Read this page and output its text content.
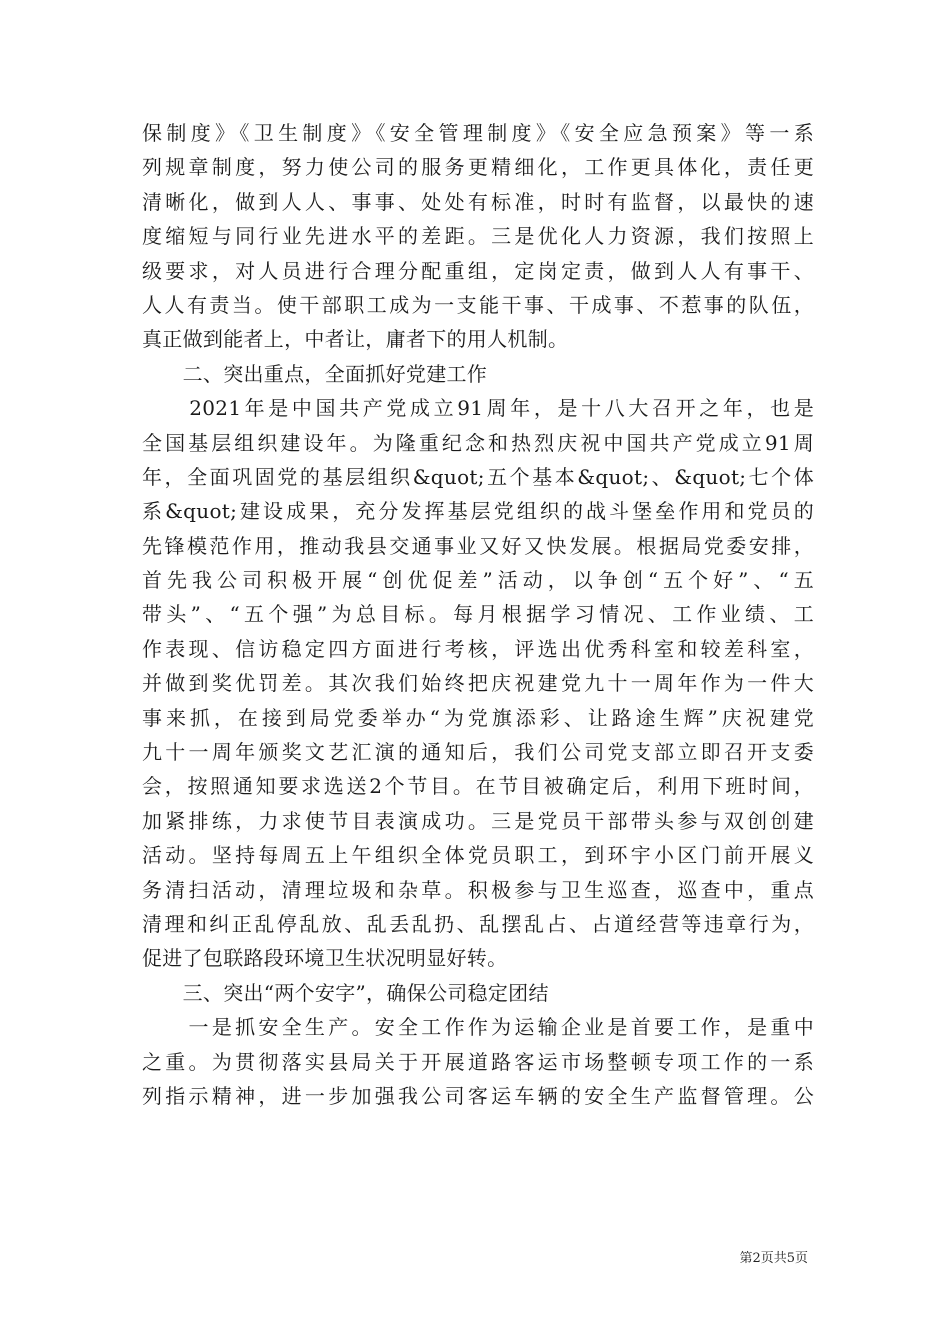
保制度》《卫生制度》《安全管理制度》《安全应急预案》等一系
列规章制度，努力使公司的服务更精细化，工作更具体化，责任更
清晰化，做到人人、事事、处处有标准，时时有监督，以最快的速
度缩短与同行业先进水平的差距。三是优化人力资源，我们按照上
级要求，对人员进行合理分配重组，定岗定责，做到人人有事干、
人人有责当。使干部职工成为一支能干事、干成事、不惹事的队伍，
真正做到能者上，中者让，庸者下的用人机制。
　　二、突出重点，全面抓好党建工作
　　2021年是中国共产党成立91周年，是十八大召开之年，也是
全国基层组织建设年。为隆重纪念和热烈庆祝中国共产党成立91周
年，全面巩固党的基层组织&quot;五个基本&quot;、&quot;七个体
系&quot;建设成果，充分发挥基层党组织的战斗堡垒作用和党员的
先锋模范作用，推动我县交通事业又好又快发展。根据局党委安排，
首先我公司积极开展“创优促差”活动，以争创“五个好”、“五
带头”、“五个强”为总目标。每月根据学习情况、工作业绩、工
作表现、信访稳定四方面进行考核，评选出优秀科室和较差科室，
并做到奖优罚差。其次我们始终把庆祝建党九十一周年作为一件大
事来抓，在接到局党委举办“为党旗添彩、让路途生辉”庆祝建党
九十一周年颁奖文艺汇演的通知后，我们公司党支部立即召开支委
会，按照通知要求选送2个节目。在节目被确定后，利用下班时间，
加紧排练，力求使节目表演成功。三是党员干部带头参与双创创建
活动。坚持每周五上午组织全体党员职工，到环宇小区门前开展义
务清扫活动，清理垃圾和杂草。积极参与卫生巡查，巡查中，重点
清理和纠正乱停乱放、乱丢乱扔、乱摆乱占、占道经营等违章行为，
促进了包联路段环境卫生状况明显好转。
　　三、突出“两个安字”，确保公司稳定团结
　　一是抓安全生产。安全工作作为运输企业是首要工作，是重中
之重。为贯彻落实县局关于开展道路客运市场整顿专项工作的一系
列指示精神，进一步加强我公司客运车辆的安全生产监督管理。公
第2页共5页
